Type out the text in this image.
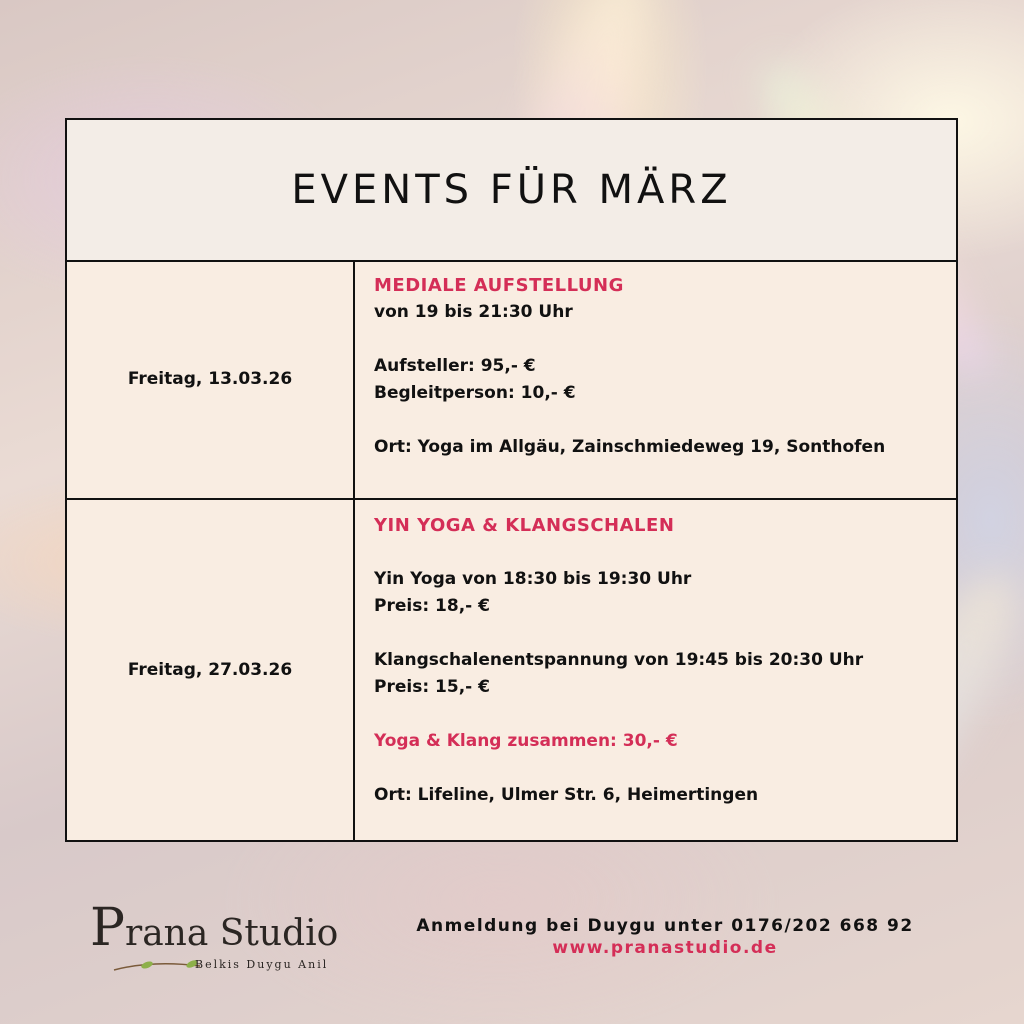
EVENTS FÜR MÄRZ
Freitag, 13.03.26
MEDIALE AUFSTELLUNG
von 19 bis 21:30 Uhr
Aufsteller: 95,- €
Begleitperson: 10,- €
Ort: Yoga im Allgäu, Zainschmiedeweg 19, Sonthofen
Freitag, 27.03.26
YIN YOGA & KLANGSCHALEN
Yin Yoga von 18:30 bis 19:30 Uhr
Preis: 18,- €
Klangschalenentspannung von 19:45 bis 20:30 Uhr
Preis: 15,- €
Yoga & Klang zusammen: 30,- €
Ort: Lifeline, Ulmer Str. 6, Heimertingen
Prana Studio
Belkis Duygu Anil
Anmeldung bei Duygu unter 0176/202 668 92
www.pranastudio.de
